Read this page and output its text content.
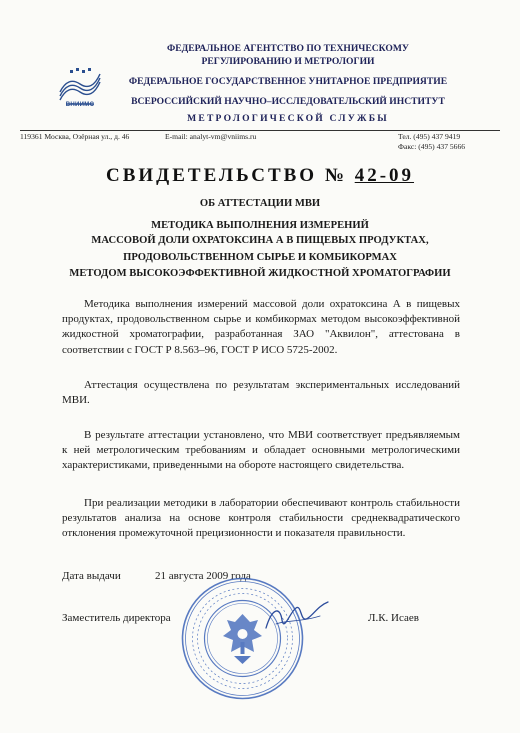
ВНИИМС
ФЕДЕРАЛЬНОЕ АГЕНТСТВО ПО ТЕХНИЧЕСКОМУ
РЕГУЛИРОВАНИЮ И МЕТРОЛОГИИ
ФЕДЕРАЛЬНОЕ ГОСУДАРСТВЕННОЕ УНИТАРНОЕ ПРЕДПРИЯТИЕ
ВСЕРОССИЙСКИЙ НАУЧНО–ИССЛЕДОВАТЕЛЬСКИЙ ИНСТИТУТ
МЕТРОЛОГИЧЕСКОЙ СЛУЖБЫ
119361 Москва, Озёрная ул., д. 46	E-mail: analyt-vm@vniims.ru	Тел. (495) 437 9419
Факс: (495) 437 5666
СВИДЕТЕЛЬСТВО № 42-09
ОБ АТТЕСТАЦИИ МВИ
МЕТОДИКА ВЫПОЛНЕНИЯ ИЗМЕРЕНИЙ
МАССОВОЙ ДОЛИ ОХРАТОКСИНА А В ПИЩЕВЫХ ПРОДУКТАХ,
ПРОДОВОЛЬСТВЕННОМ СЫРЬЕ И КОМБИКОРМАХ
МЕТОДОМ ВЫСОКОЭФФЕКТИВНОЙ ЖИДКОСТНОЙ ХРОМАТОГРАФИИ
Методика выполнения измерений массовой доли охратоксина А в пищевых продуктах, продовольственном сырье и комбикормах методом высокоэффективной жидкостной хроматографии, разработанная ЗАО "Аквилон", аттестована в соответствии с ГОСТ Р 8.563–96, ГОСТ Р ИСО 5725-2002.
Аттестация осуществлена по результатам экспериментальных исследований МВИ.
В результате аттестации установлено, что МВИ соответствует предъявляемым к ней метрологическим требованиям и обладает основными метрологическими характеристиками, приведенными на обороте настоящего свидетельства.
При реализации методики в лаборатории обеспечивают контроль стабильности результатов анализа на основе контроля стабильности среднеквадратического отклонения промежуточной прецизионности и показателя правильности.
Дата выдачи	21 августа 2009 года
Заместитель директора	Л.К. Исаев
